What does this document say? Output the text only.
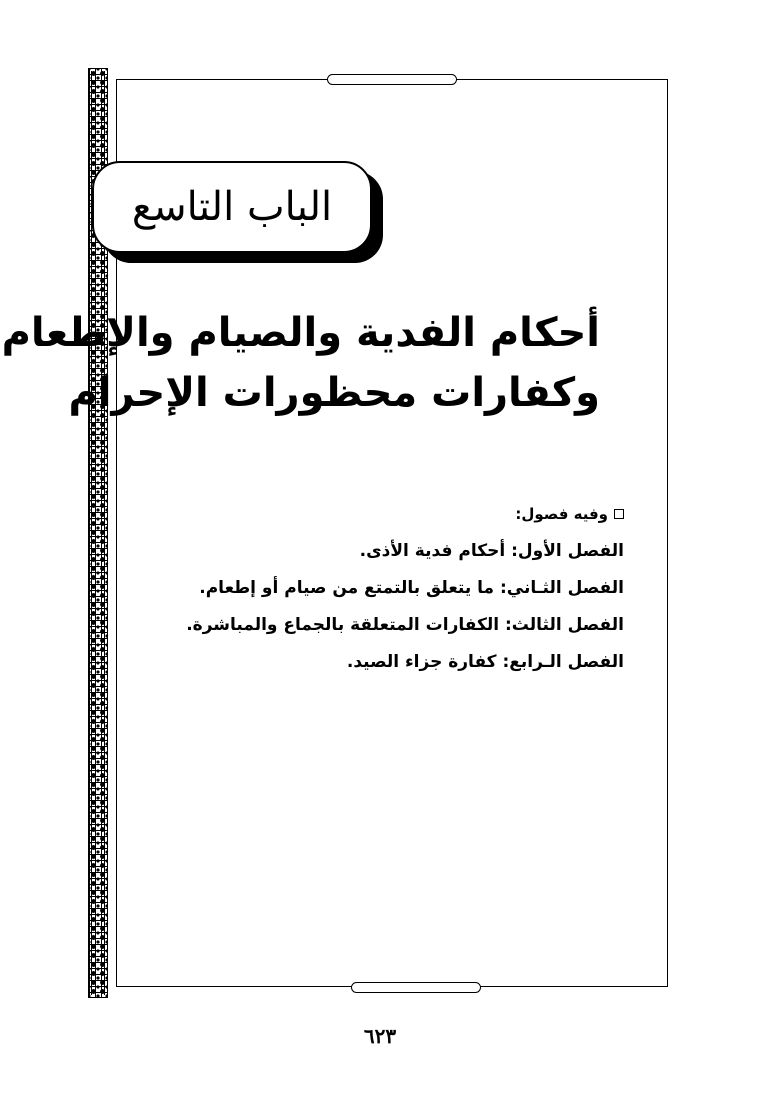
الباب التاسع
أحكام الفدية والصيام والإطعام
وكفارات محظورات الإحرام
وفيه فصول:
الفصل الأول: أحكام فدية الأذى.
الفصل الثـاني: ما يتعلق بالتمتع من صيام أو إطعام.
الفصل الثالث: الكفارات المتعلقة بالجماع والمباشرة.
الفصل الـرابع: كفارة جزاء الصيد.
٦٢٣
